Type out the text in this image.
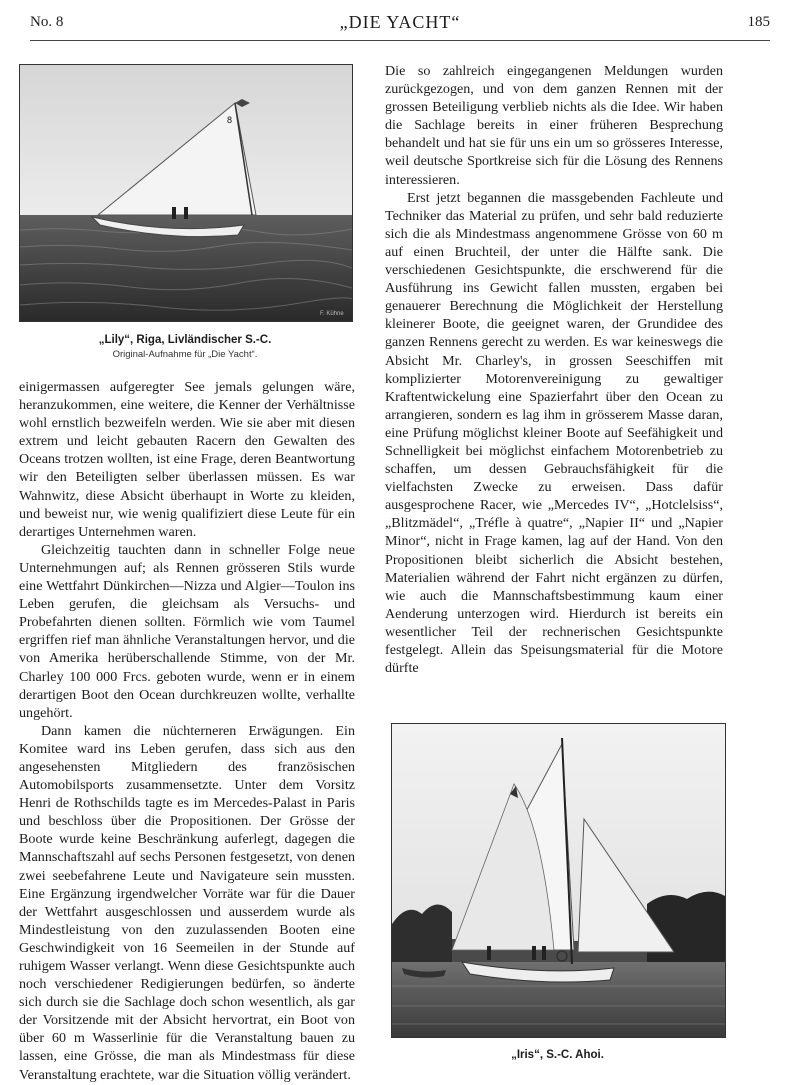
No. 8	„DIE YACHT“	185
8
F. Kühne
„Lily“, Riga, Livländischer S.-C.
Original-Aufnahme für „Die Yacht“.

einigermassen aufgeregter See jemals gelungen wäre, heranzukommen, eine weitere, die Kenner der Verhältnisse wohl ernstlich bezweifeln werden. Wie sie aber mit diesen extrem und leicht gebauten Racern den Gewalten des Oceans trotzen wollten, ist eine Frage, deren Beantwortung wir den Beteiligten selber überlassen müssen. Es war Wahnwitz, diese Absicht überhaupt in Worte zu kleiden, und beweist nur, wie wenig qualifiziert diese Leute für ein derartiges Unternehmen waren.

Gleichzeitig tauchten dann in schneller Folge neue Unternehmungen auf; als Rennen grösseren Stils wurde eine Wettfahrt Dünkirchen—Nizza und Algier—Toulon ins Leben gerufen, die gleichsam als Versuchs- und Probefahrten dienen sollten. Förmlich wie vom Taumel ergriffen rief man ähnliche Veranstaltungen hervor, und die von Amerika herüberschallende Stimme, von der Mr. Charley 100 000 Frcs. geboten wurde, wenn er in einem derartigen Boot den Ocean durchkreuzen wollte, verhallte ungehört.

Dann kamen die nüchterneren Erwägungen. Ein Komitee ward ins Leben gerufen, dass sich aus den angesehensten Mitgliedern des französischen Automobilsports zusammensetzte. Unter dem Vorsitz Henri de Rothschilds tagte es im Mercedes-Palast in Paris und beschloss über die Propositionen. Der Grösse der Boote wurde keine Beschränkung auferlegt, dagegen die Mannschaftszahl auf sechs Personen festgesetzt, von denen zwei seebefahrene Leute und Navigateure sein mussten. Eine Ergänzung irgendwelcher Vorräte war für die Dauer der Wettfahrt ausgeschlossen und ausserdem wurde als Mindestleistung von den zuzulassenden Booten eine Geschwindigkeit von 16 Seemeilen in der Stunde auf ruhigem Wasser verlangt. Wenn diese Gesichtspunkte auch noch verschiedener Redigierungen bedürfen, so änderte sich durch sie die Sachlage doch schon wesentlich, als gar der Vorsitzende mit der Absicht hervortrat, ein Boot von über 60 m Wasserlinie für die Veranstaltung bauen zu lassen, eine Grösse, die man als Mindestmass für diese Veranstaltung erachtete, war die Situation völlig verändert.

Die so zahlreich eingegangenen Meldungen wurden zurückgezogen, und von dem ganzen Rennen mit der grossen Beteiligung verblieb nichts als die Idee. Wir haben die Sachlage bereits in einer früheren Besprechung behandelt und hat sie für uns ein um so grösseres Interesse, weil deutsche Sportkreise sich für die Lösung des Rennens interessieren.

Erst jetzt begannen die massgebenden Fachleute und Techniker das Material zu prüfen, und sehr bald reduzierte sich die als Mindestmass angenommene Grösse von 60 m auf einen Bruchteil, der unter die Hälfte sank. Die verschiedenen Gesichtspunkte, die erschwerend für die Ausführung ins Gewicht fallen mussten, ergaben bei genauerer Berechnung die Möglichkeit der Herstellung kleinerer Boote, die geeignet waren, der Grundidee des ganzen Rennens gerecht zu werden. Es war keineswegs die Absicht Mr. Charley's, in grossen Seeschiffen mit komplizierter Motorenvereinigung zu gewaltiger Kraftentwickelung eine Spazierfahrt über den Ocean zu arrangieren, sondern es lag ihm in grösserem Masse daran, eine Prüfung möglichst kleiner Boote auf Seefähigkeit und Schnelligkeit bei möglichst einfachem Motorenbetrieb zu schaffen, um dessen Gebrauchsfähigkeit für die vielfachsten Zwecke zu erweisen. Dass dafür ausgesprochene Racer, wie „Mercedes IV“, „Hotclelsiss“, „Blitzmädel“, „Tréfle à quatre“, „Napier II“ und „Napier Minor“, nicht in Frage kamen, lag auf der Hand. Von den Propositionen bleibt sicherlich die Absicht bestehen, Materialien während der Fahrt nicht ergänzen zu dürfen, wie auch die Mannschaftsbestimmung kaum einer Aenderung unterzogen wird. Hierdurch ist bereits ein wesentlicher Teil der rechnerischen Gesichtspunkte festgelegt. Allein das Speisungsmaterial für die Motore dürfte

„Iris“, S.-C. Ahoi.
